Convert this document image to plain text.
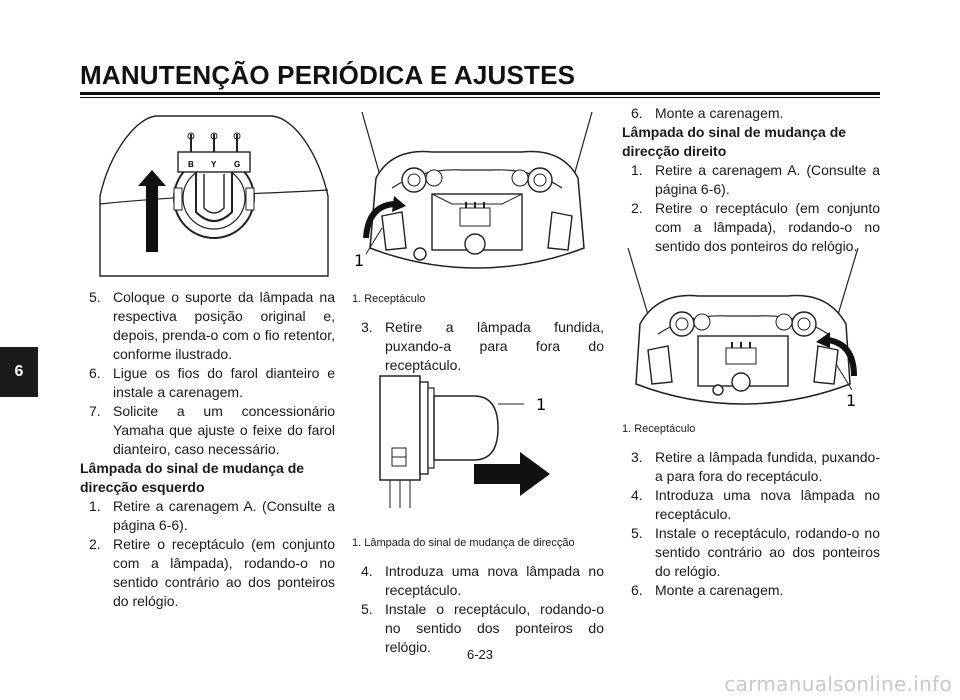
MANUTENÇÃO PERIÓDICA E AJUSTES
6
B Y G
1
1	1
5. Coloque o suporte da lâmpada na respectiva posição original e, depois, prenda-o com o fio retentor, conforme ilustrado.
6. Ligue os fios do farol dianteiro e instale a carenagem.
7. Solicite a um concessionário Yamaha que ajuste o feixe do farol dianteiro, caso necessário.
Lâmpada do sinal de mudança de direcção esquerdo
1. Retire a carenagem A. (Consulte a página 6-6).
2. Retire o receptáculo (em conjunto com a lâmpada), rodando-o no sentido contrário ao dos ponteiros do relógio.
1. Receptáculo
3. Retire a lâmpada fundida, puxando-a para fora do receptáculo.
1. Lâmpada do sinal de mudança de direcção
4. Introduza uma nova lâmpada no receptáculo.
5. Instale o receptáculo, rodando-o no sentido dos ponteiros do relógio.
6. Monte a carenagem.
Lâmpada do sinal de mudança de direcção direito
1. Retire a carenagem A. (Consulte a página 6-6).
2. Retire o receptáculo (em conjunto com a lâmpada), rodando-o no sentido dos ponteiros do relógio.
1. Receptáculo
3. Retire a lâmpada fundida, puxando-a para fora do receptáculo.
4. Introduza uma nova lâmpada no receptáculo.
5. Instale o receptáculo, rodando-o no sentido contrário ao dos ponteiros do relógio.
6. Monte a carenagem.
6-23
carmanualsonline.info
